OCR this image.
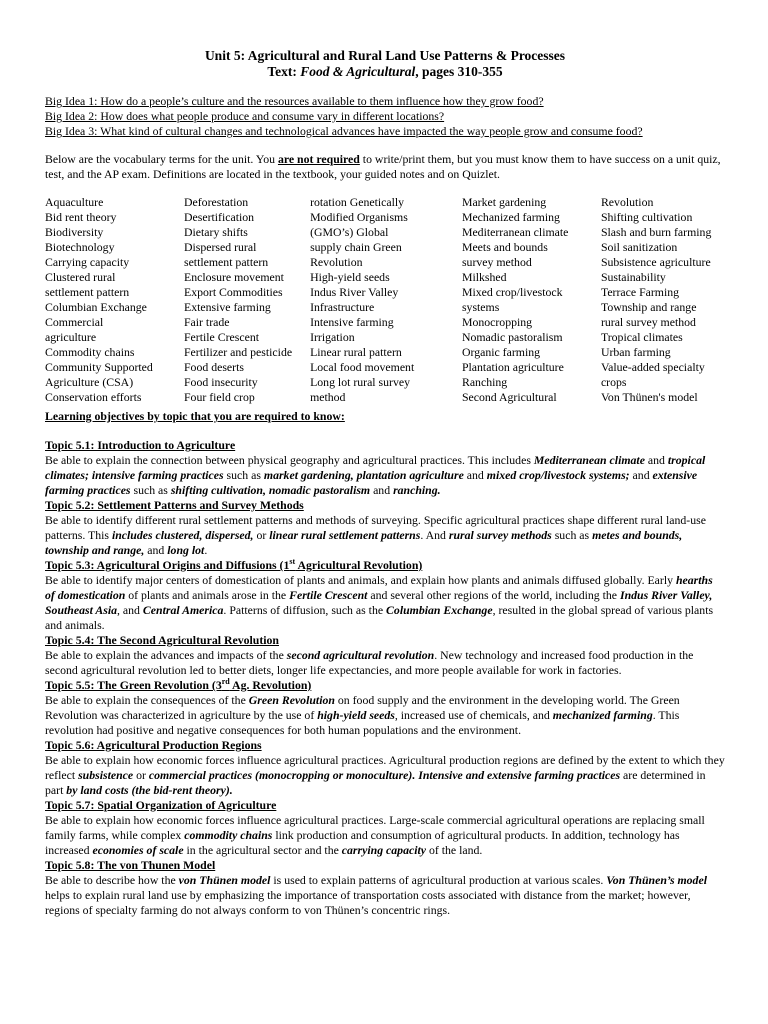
Unit 5: Agricultural and Rural Land Use Patterns & Processes
Text: Food & Agricultural, pages 310-355
Big Idea 1: How do a people’s culture and the resources available to them influence how they grow food?
Big Idea 2: How does what people produce and consume vary in different locations?
Big Idea 3: What kind of cultural changes and technological advances have impacted the way people grow and consume food?
Below are the vocabulary terms for the unit. You are not required to write/print them, but you must know them to have success on a unit quiz, test, and the AP exam. Definitions are located in the textbook, your guided notes and on Quizlet.
Aquaculture
Bid rent theory
Biodiversity
Biotechnology
Carrying capacity
Clustered rural
settlement pattern
Columbian Exchange
Commercial
agriculture
Commodity chains
Community Supported
Agriculture (CSA)
Conservation efforts
Deforestation
Desertification
Dietary shifts
Dispersed rural
settlement pattern
Enclosure movement
Export Commodities
Extensive farming
Fair trade
Fertile Crescent
Fertilizer and pesticide
Food deserts
Food insecurity
Four field crop
rotation Genetically
Modified Organisms
(GMO’s) Global
supply chain Green
Revolution
High-yield seeds
Indus River Valley
Infrastructure
Intensive farming
Irrigation
Linear rural pattern
Local food movement
Long lot rural survey
method
Market gardening
Mechanized farming
Mediterranean climate
Meets and bounds
survey method
Milkshed
Mixed crop/livestock
systems
Monocropping
Nomadic pastoralism
Organic farming
Plantation agriculture
Ranching
Second Agricultural
Revolution
Shifting cultivation
Slash and burn farming
Soil sanitization
Subsistence agriculture
Sustainability
Terrace Farming
Township and range
rural survey method
Tropical climates
Urban farming
Value-added specialty
crops
Von Thünen's model
Learning objectives by topic that you are required to know:
Topic 5.1: Introduction to Agriculture
Be able to explain the connection between physical geography and agricultural practices. This includes Mediterranean climate and tropical climates; intensive farming practices such as market gardening, plantation agriculture and mixed crop/livestock systems; and extensive farming practices such as shifting cultivation, nomadic pastoralism and ranching.
Topic 5.2: Settlement Patterns and Survey Methods
Be able to identify different rural settlement patterns and methods of surveying. Specific agricultural practices shape different rural land-use patterns. This includes clustered, dispersed, or linear rural settlement patterns. And rural survey methods such as metes and bounds, township and range, and long lot.
Topic 5.3: Agricultural Origins and Diffusions (1st Agricultural Revolution)
Be able to identify major centers of domestication of plants and animals, and explain how plants and animals diffused globally. Early hearths of domestication of plants and animals arose in the Fertile Crescent and several other regions of the world, including the Indus River Valley, Southeast Asia, and Central America. Patterns of diffusion, such as the Columbian Exchange, resulted in the global spread of various plants and animals.
Topic 5.4: The Second Agricultural Revolution
Be able to explain the advances and impacts of the second agricultural revolution. New technology and increased food production in the second agricultural revolution led to better diets, longer life expectancies, and more people available for work in factories.
Topic 5.5: The Green Revolution (3rd Ag. Revolution)
Be able to explain the consequences of the Green Revolution on food supply and the environment in the developing world. The Green Revolution was characterized in agriculture by the use of high-yield seeds, increased use of chemicals, and mechanized farming. This revolution had positive and negative consequences for both human populations and the environment.
Topic 5.6: Agricultural Production Regions
Be able to explain how economic forces influence agricultural practices. Agricultural production regions are defined by the extent to which they reflect subsistence or commercial practices (monocropping or monoculture). Intensive and extensive farming practices are determined in part by land costs (the bid-rent theory).
Topic 5.7: Spatial Organization of Agriculture
Be able to explain how economic forces influence agricultural practices. Large-scale commercial agricultural operations are replacing small family farms, while complex commodity chains link production and consumption of agricultural products. In addition, technology has increased economies of scale in the agricultural sector and the carrying capacity of the land.
Topic 5.8: The von Thunen Model
Be able to describe how the von Thünen model is used to explain patterns of agricultural production at various scales. Von Thünen’s model helps to explain rural land use by emphasizing the importance of transportation costs associated with distance from the market; however, regions of specialty farming do not always conform to von Thünen’s concentric rings.
